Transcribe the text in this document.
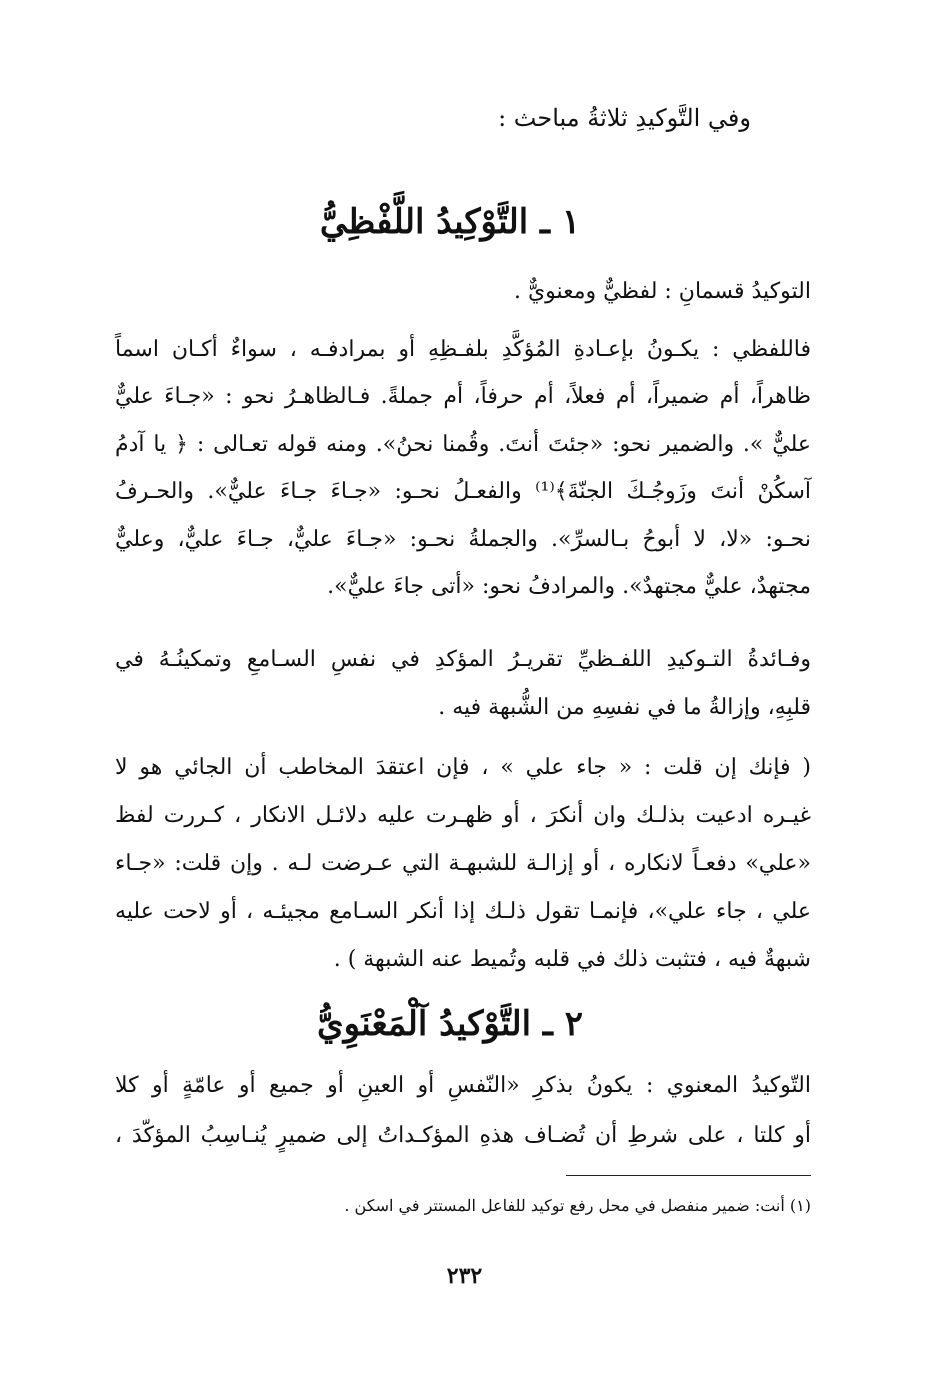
وفي التَّوكيدِ ثلاثةُ مباحث :
١ ـ التَّوْكِيدُ اللَّفْظِيُّ
التوكيدُ قسمانِ : لفظيٌّ ومعنويٌّ .
فاللفظي : يكـونُ بإعـادةِ المُؤكَّدِ بلفـظِهِ أو بمرادفـه ، سواءٌ أكـان اسماً
ظاهراً، أم ضميراً، أم فعلاً، أم حرفاً، أم جملةً. فـالظاهـرُ نحو : «جـاءَ عليٌّ
عليٌّ ». والضمير نحو: «جئتَ أنتَ. وقُمنا نحنُ». ومنه قوله تعـالى : ﴿ يا آدمُ
آسكُنْ أنتَ وزَوجُـكَ الجنّةَ﴾⁽¹⁾ والفعـلُ نحـو: «جـاءَ جـاءَ عليٌّ». والحـرفُ
نحـو: «لا، لا أبوحُ بـالسرِّ». والجملةُ نحـو: «جـاءَ عليٌّ، جـاءَ عليٌّ، وعليٌّ
مجتهدٌ، عليٌّ مجتهدٌ». والمرادفُ نحو: «أتى جاءَ عليٌّ».
وفـائدةُ التـوكيدِ اللفـظيِّ تقريـرُ المؤكدِ في نفسِ السـامعِ وتمكينُـهُ في
قلبِهِ، وإزالةُ ما في نفسِهِ من الشُّبهة فيه .
( فإنك إن قلت : « جاء علي » ، فإن اعتقدَ المخاطب أن الجائي هو لا
غيـره ادعيت بذلـك وان أنكرَ ، أو ظهـرت عليه دلائـل الانكار ، كـررت لفظ
«علي» دفعـاً لانكاره ، أو إزالـة للشبهـة التي عـرضت لـه . وإن قلت: «جـاء
علي ، جاء علي»، فإنمـا تقول ذلـك إذا أنكر السـامع مجيئـه ، أو لاحت عليه
شبهةٌ فيه ، فتثبت ذلك في قلبه وتُميط عنه الشبهة ) .
٢ ـ التَّوْكيدُ آلْمَعْنَوِيُّ
التّوكيدُ المعنوي : يكونُ بذكرِ «النّفسِ أو العينِ أو جميع أو عامّةٍ أو كلا
أو كلتا ، على شرطِ أن تُضـاف هذهِ المؤكـداتُ إلى ضميرٍ يُنـاسِبُ المؤكّدَ ،
(١) أنت: ضمير منفصل في محل رفع توكيد للفاعل المستتر في اسكن .
٢٣٢
